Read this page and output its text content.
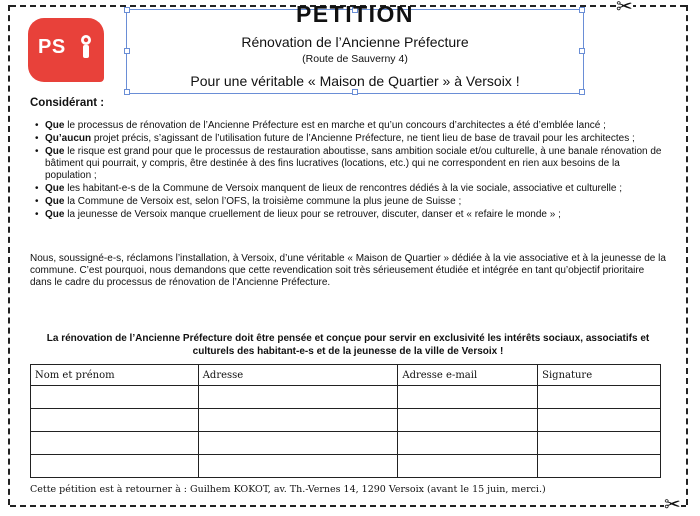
✂
✂
PS
PETITION
Rénovation de l’Ancienne Préfecture
(Route de Sauverny 4)
Pour une véritable « Maison de Quartier » à Versoix !
Considérant :
• Que le processus de rénovation de l’Ancienne Préfecture est en marche et qu’un concours d’architectes a été d’emblée lancé ;
• Qu’aucun projet précis, s’agissant de l’utilisation future de l’Ancienne Préfecture, ne tient lieu de base de travail pour les architectes ;
• Que le risque est grand pour que le processus de restauration aboutisse, sans ambition sociale et/ou culturelle, à une banale rénovation de bâtiment qui pourrait, y compris, être destinée à des fins lucratives (locations, etc.) qui ne correspondent en rien aux besoins de la population ;
• Que les habitant-e-s de la Commune de Versoix manquent de lieux de rencontres dédiés à la vie sociale, associative et culturelle ;
• Que la Commune de Versoix est, selon l’OFS, la troisième commune la plus jeune de Suisse ;
• Que la jeunesse de Versoix manque cruellement de lieux pour se retrouver, discuter, danser et « refaire le monde » ;

Nous, soussigné-e-s, réclamons l’installation, à Versoix, d’une véritable « Maison de Quartier » dédiée à la vie associative et à la jeunesse de la commune. C’est pourquoi, nous demandons que cette revendication soit très sérieusement étudiée et intégrée en tant qu’objectif prioritaire dans le cadre du processus de rénovation de l’Ancienne Préfecture.

La rénovation de l’Ancienne Préfecture doit être pensée et conçue pour servir en exclusivité les intérêts sociaux, associatifs et culturels des habitant-e-s et de la jeunesse de la ville de Versoix !

Nom et prénom	Adresse	Adresse e-mail	Signature

Cette pétition est à retourner à : Guilhem KOKOT, av. Th.-Vernes 14, 1290 Versoix (avant le 15 juin, merci.)
